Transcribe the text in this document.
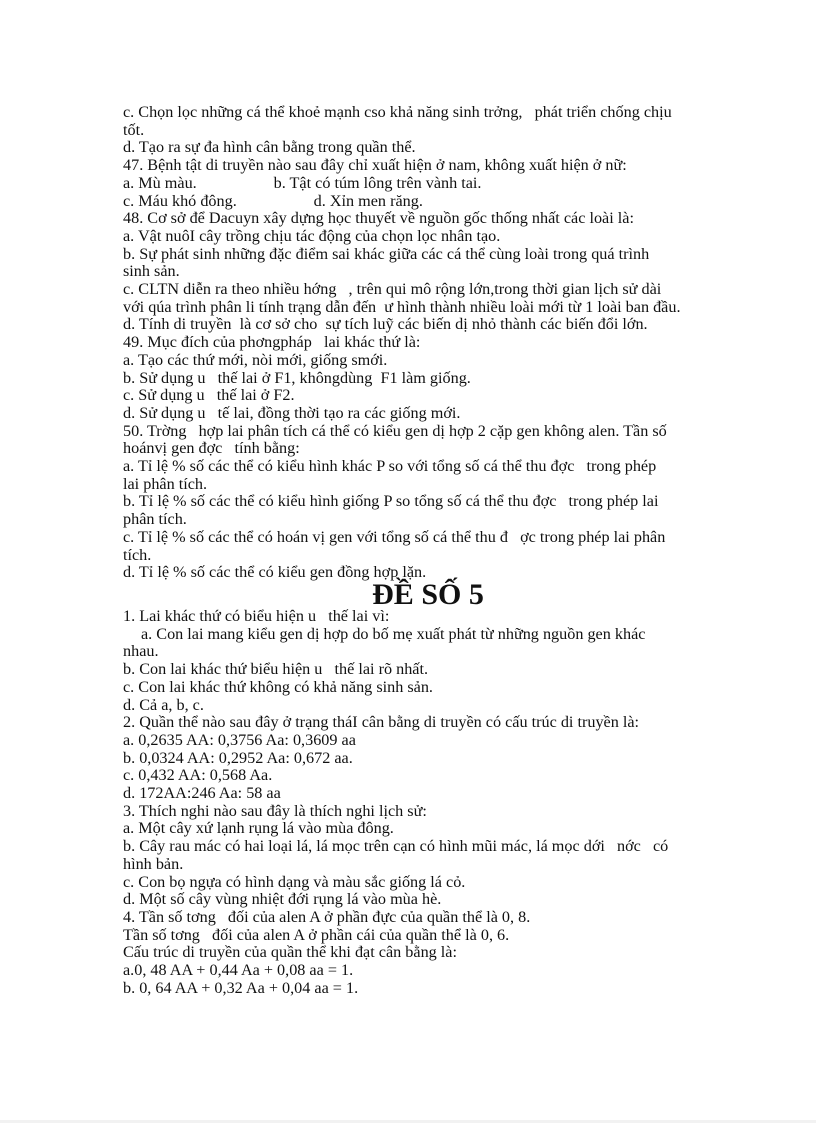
c. Chọn lọc những cá thể khoẻ mạnh cso khả năng sinh trởng,   phát triển chống chịu

tốt.

d. Tạo ra sự đa hình cân bằng trong quần thể.

47. Bệnh tật di truyền nào sau đây chỉ xuất hiện ở nam, không xuất hiện ở nữ:

a. Mù màu.                   b. Tật có túm lông trên vành tai.

c. Máu khó đông.                   d. Xỉn men răng.

48. Cơ sở để Dacuyn xây dựng học thuyết về nguồn gốc thống nhất các loài là:

a. Vật nuôI cây trồng chịu tác động của chọn lọc nhân tạo.

b. Sự phát sinh những đặc điểm sai khác giữa các cá thể cùng loài trong quá trình

sinh sản.

c. CLTN diễn ra theo nhiều hớng   , trên qui mô rộng lớn,trong thời gian lịch sử dài

với qúa trình phân li tính trạng dẫn đến  ư hình thành nhiều loài mới từ 1 loài ban đầu.

d. Tính di truyền  là cơ sở cho  sự tích luỹ các biến dị nhỏ thành các biến đổi lớn.

49. Mục đích của phơngpháp   lai khác thứ là:

a. Tạo các thứ mới, nòi mới, giống smới.

b. Sử dụng u   thế lai ở F1, khôngdùng  F1 làm giống.

c. Sử dụng u   thế lai ở F2.

d. Sử dụng u   tế lai, đồng thời tạo ra các giống mới.

50. Trờng   hợp lai phân tích cá thể có kiểu gen dị hợp 2 cặp gen không alen. Tần số

hoánvị gen đợc   tính bằng:

a. Tỉ lệ % số các thể có kiểu hình khác P so với tổng số cá thể thu đợc   trong phép

lai phân tích.

b. Tỉ lệ % số các thể có kiểu hình giống P so tổng số cá thể thu đợc   trong phép lai

phân tích.

c. Tỉ lệ % số các thể có hoán vị gen với tổng số cá thể thu đ   ợc trong phép lai phân

tích.

d. Tỉ lệ % số các thể có kiểu gen đồng hợp lặn.

ĐỀ SỐ 5

1. Lai khác thứ có biểu hiện u   thế lai vì:

a. Con lai mang kiểu gen dị hợp do bố mẹ xuất phát từ những nguồn gen khác

nhau.

b. Con lai khác thứ biểu hiện u   thế lai rõ nhất.

c. Con lai khác thứ không có khả năng sinh sản.

d. Cả a, b, c.

2. Quần thể nào sau đây ở trạng tháI cân bằng di truyền có cấu trúc di truyền là:

a. 0,2635 AA: 0,3756 Aa: 0,3609 aa

b. 0,0324 AA: 0,2952 Aa: 0,672 aa.

c. 0,432 AA: 0,568 Aa.

d. 172AA:246 Aa: 58 aa

3. Thích nghi nào sau đây là thích nghi lịch sử:

a. Một cây xứ lạnh rụng lá vào mùa đông.

b. Cây rau mác có hai loại lá, lá mọc trên cạn có hình mũi mác, lá mọc dới   nớc   có

hình bản.

c. Con bọ ngựa có hình dạng và màu sắc giống lá cỏ.

d. Một số cây vùng nhiệt đới rụng lá vào mùa hè.

4. Tần số tơng   đối của alen A ở phần đực của quần thể là 0, 8.

Tần số tơng   đối của alen A ở phần cái của quần thể là 0, 6.

Cấu trúc di truyền của quần thể khi đạt cân bằng là:

a.0, 48 AA + 0,44 Aa + 0,08 aa = 1.

b. 0, 64 AA + 0,32 Aa + 0,04 aa = 1.
